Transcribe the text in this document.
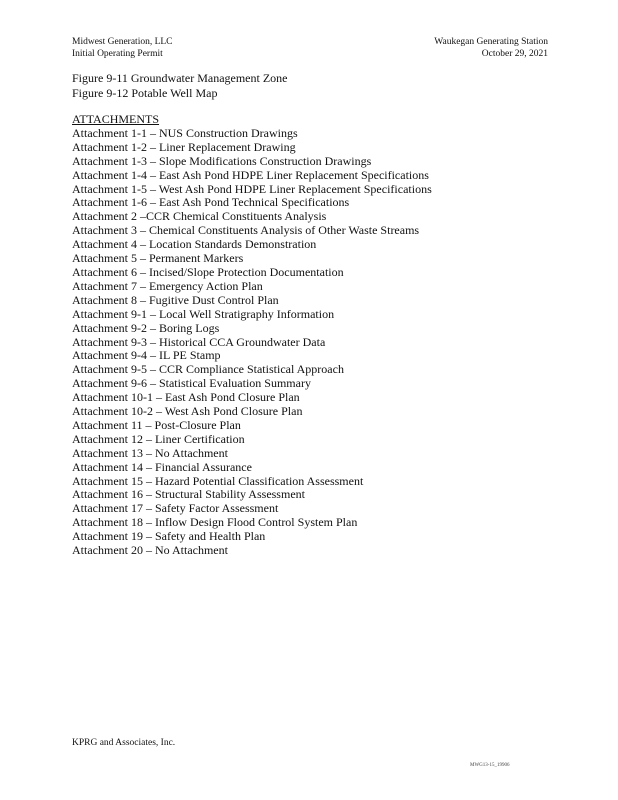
Midwest Generation, LLC
Initial Operating Permit
Waukegan Generating Station
October 29, 2021
Figure 9-11 Groundwater Management Zone
Figure 9-12 Potable Well Map
ATTACHMENTS
Attachment 1-1 – NUS Construction Drawings
Attachment 1-2 – Liner Replacement Drawing
Attachment 1-3 – Slope Modifications Construction Drawings
Attachment 1-4 – East Ash Pond HDPE Liner Replacement Specifications
Attachment 1-5 – West Ash Pond HDPE Liner Replacement Specifications
Attachment 1-6 – East Ash Pond Technical Specifications
Attachment 2 –CCR Chemical Constituents Analysis
Attachment 3 – Chemical Constituents Analysis of Other Waste Streams
Attachment 4 – Location Standards Demonstration
Attachment 5 – Permanent Markers
Attachment 6 – Incised/Slope Protection Documentation
Attachment 7 – Emergency Action Plan
Attachment 8 – Fugitive Dust Control Plan
Attachment 9-1 – Local Well Stratigraphy Information
Attachment 9-2 – Boring Logs
Attachment 9-3 – Historical CCA Groundwater Data
Attachment 9-4 – IL PE Stamp
Attachment 9-5 – CCR Compliance Statistical Approach
Attachment 9-6 – Statistical Evaluation Summary
Attachment 10-1 – East Ash Pond Closure Plan
Attachment 10-2 – West Ash Pond Closure Plan
Attachment 11 – Post-Closure Plan
Attachment 12 – Liner Certification
Attachment 13 – No Attachment
Attachment 14 – Financial Assurance
Attachment 15 – Hazard Potential Classification Assessment
Attachment 16 – Structural Stability Assessment
Attachment 17 – Safety Factor Assessment
Attachment 18 – Inflow Design Flood Control System Plan
Attachment 19 – Safety and Health Plan
Attachment 20 – No Attachment
KPRG and Associates, Inc.
MWG13-15_19906
